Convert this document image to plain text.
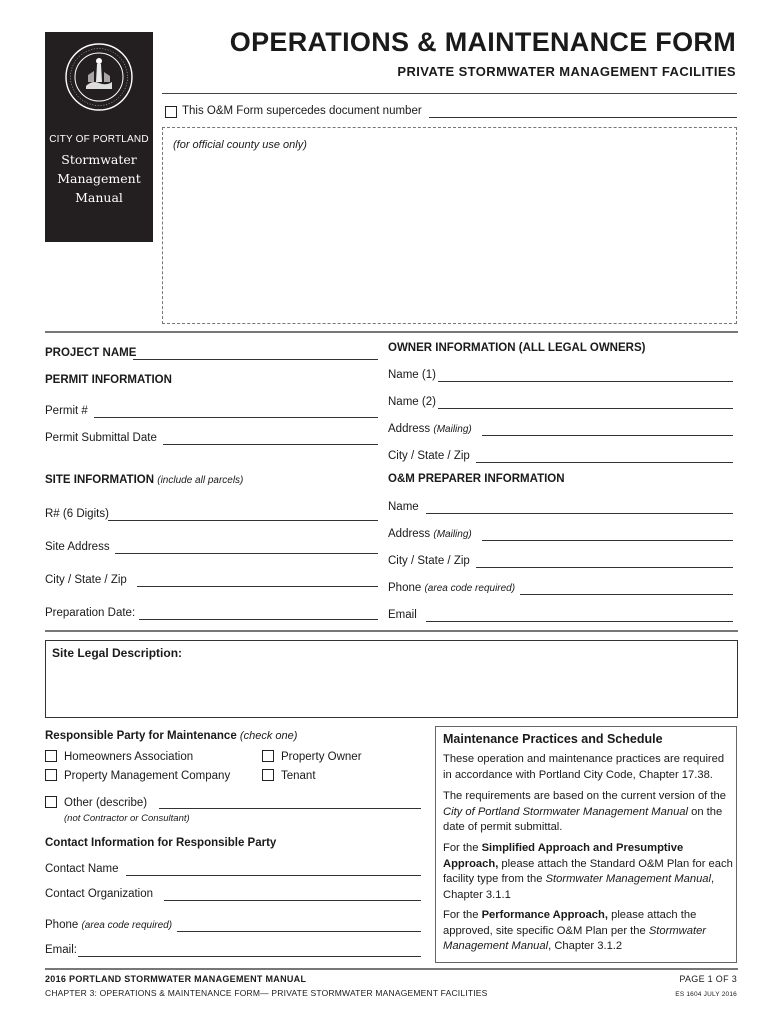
CITY OF PORTLAND
Stormwater
Management
Manual
OPERATIONS & MAINTENANCE FORM
PRIVATE STORMWATER MANAGEMENT FACILITIES
This O&M Form supercedes document number
(for official county use only)
PROJECT NAME
PERMIT INFORMATION
Permit #
Permit Submittal Date
SITE INFORMATION (include all parcels)
R# (6 Digits)
Site Address
City / State / Zip
Preparation Date:
OWNER INFORMATION (ALL LEGAL OWNERS)
Name (1)
Name (2)
Address (Mailing)
City / State / Zip
O&M PREPARER INFORMATION
Name
Address (Mailing)
City / State / Zip
Phone (area code required)
Email
Site Legal Description:
Responsible Party for Maintenance (check one)
Homeowners Association	Property Owner
Property Management Company	Tenant
Other (describe)
(not Contractor or Consultant)
Contact Information for Responsible Party
Contact Name
Contact Organization
Phone (area code required)
Email:
Maintenance Practices and Schedule
These operation and maintenance practices are required in accordance with Portland City Code, Chapter 17.38.
The requirements are based on the current version of the City of Portland Stormwater Management Manual on the date of permit submittal.
For the Simplified Approach and Presumptive Approach, please attach the Standard O&M Plan for each facility type from the Stormwater Management Manual, Chapter 3.1.1
For the Performance Approach, please attach the approved, site specific O&M Plan per the Stormwater Management Manual, Chapter 3.1.2
2016 PORTLAND STORMWATER MANAGEMENT MANUAL
CHAPTER 3: OPERATIONS & MAINTENANCE FORM— PRIVATE STORMWATER MANAGEMENT FACILITIES
PAGE 1 OF 3
ES 1604 JULY 2016
